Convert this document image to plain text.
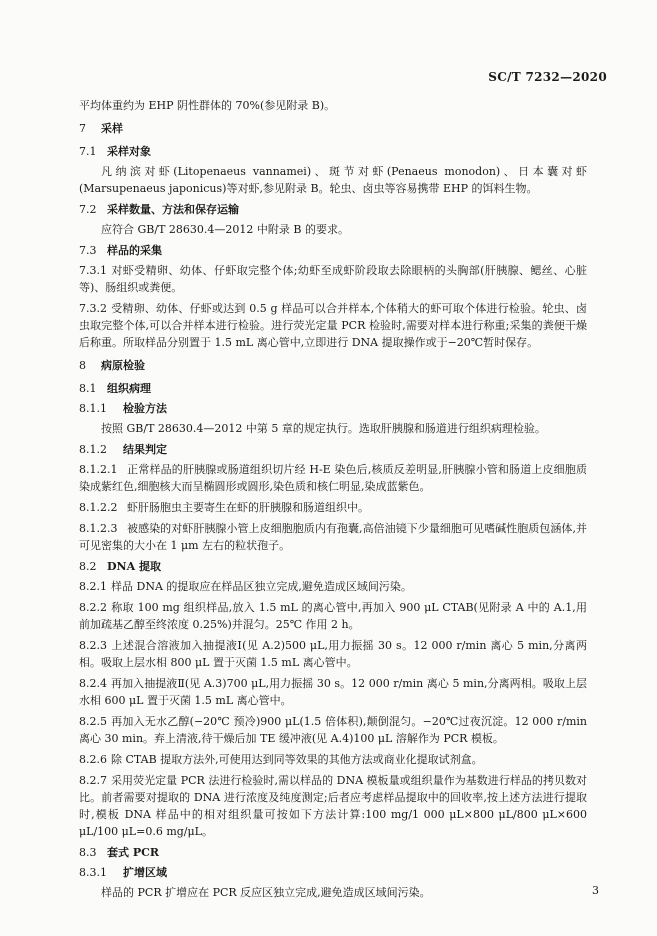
SC/T 7232—2020

平均体重约为 EHP 阴性群体的 70%(参见附录 B)。

7 采样
7.1 采样对象

凡纳滨对虾(Litopenaeus vannamei)、斑节对虾(Penaeus monodon)、日本囊对虾(Marsupenaeus japonicus)等对虾,参见附录 B。轮虫、卤虫等容易携带 EHP 的饵料生物。

7.2 采样数量、方法和保存运输

应符合 GB/T 28630.4—2012 中附录 B 的要求。

7.3 样品的采集

7.3.1 对虾受精卵、幼体、仔虾取完整个体;幼虾至成虾阶段取去除眼柄的头胸部(肝胰腺、鳃丝、心脏等)、肠组织或粪便。

7.3.2 受精卵、幼体、仔虾或达到 0.5 g 样品可以合并样本,个体稍大的虾可取个体进行检验。轮虫、卤虫取完整个体,可以合并样本进行检验。进行荧光定量 PCR 检验时,需要对样本进行称重;采集的粪便干燥后称重。所取样品分别置于 1.5 mL 离心管中,立即进行 DNA 提取操作或于−20℃暂时保存。

8 病原检验
8.1 组织病理
8.1.1 检验方法

按照 GB/T 28630.4—2012 中第 5 章的规定执行。选取肝胰腺和肠道进行组织病理检验。

8.1.2 结果判定

8.1.2.1 正常样品的肝胰腺或肠道组织切片经 H-E 染色后,核质反差明显,肝胰腺小管和肠道上皮细胞质染成紫红色,细胞核大而呈椭圆形或圆形,染色质和核仁明显,染成蓝紫色。

8.1.2.2 虾肝肠胞虫主要寄生在虾的肝胰腺和肠道组织中。

8.1.2.3 被感染的对虾肝胰腺小管上皮细胞胞质内有孢囊,高倍油镜下少量细胞可见嗜碱性胞质包涵体,并可见密集的大小在 1 μm 左右的粒状孢子。

8.2 DNA 提取

8.2.1 样品 DNA 的提取应在样品区独立完成,避免造成区域间污染。

8.2.2 称取 100 mg 组织样品,放入 1.5 mL 的离心管中,再加入 900 μL CTAB(见附录 A 中的 A.1,用前加疏基乙醇至终浓度 0.25%)并混匀。25℃ 作用 2 h。

8.2.3 上述混合溶液加入抽提液Ⅰ(见 A.2)500 μL,用力振摇 30 s。12 000 r/min 离心 5 min,分离两相。吸取上层水相 800 μL 置于灭菌 1.5 mL 离心管中。

8.2.4 再加入抽提液Ⅱ(见 A.3)700 μL,用力振摇 30 s。12 000 r/min 离心 5 min,分离两相。吸取上层水相 600 μL 置于灭菌 1.5 mL 离心管中。

8.2.5 再加入无水乙醇(−20℃ 预冷)900 μL(1.5 倍体积),颠倒混匀。−20℃过夜沉淀。12 000 r/min 离心 30 min。弃上清液,待干燥后加 TE 缓冲液(见 A.4)100 μL 溶解作为 PCR 模板。

8.2.6 除 CTAB 提取方法外,可使用达到同等效果的其他方法或商业化提取试剂盒。

8.2.7 采用荧光定量 PCR 法进行检验时,需以样品的 DNA 模板量或组织量作为基数进行样品的拷贝数对比。前者需要对提取的 DNA 进行浓度及纯度测定;后者应考虑样品提取中的回收率,按上述方法进行提取时,模板 DNA 样品中的相对组织量可按如下方法计算:100 mg/1 000 μL×800 μL/800 μL×600 μL/100 μL=0.6 mg/μL。

8.3 套式 PCR
8.3.1 扩增区域

样品的 PCR 扩增应在 PCR 反应区独立完成,避免造成区域间污染。	3
